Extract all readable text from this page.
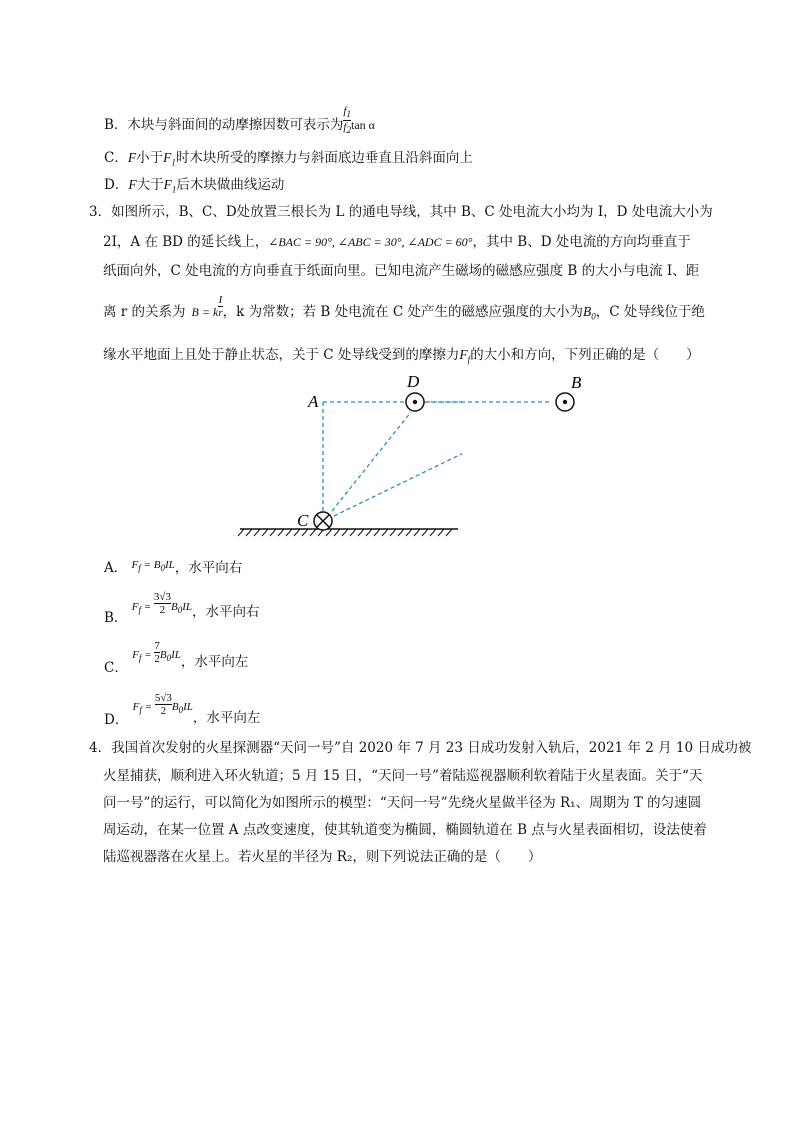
B．木块与斜面间的动摩擦因数可表示为 $\frac{f_1}{f_2}$ tan α
C．F小于$F_1$时木块所受的摩擦力与斜面底边垂直且沿斜面向上
D．F大于$F_1$后木块做曲线运动
3．如图所示，B、C、D处放置三根长为 L 的通电导线，其中 B、C 处电流大小均为 I，D 处电流大小为
2I，A 在 BD 的延长线上，∠BAC = 90°, ∠ABC = 30°, ∠ADC = 60°，其中 B、D 处电流的方向均垂直于
纸面向外，C 处电流的方向垂直于纸面向里。已知电流产生磁场的磁感应强度 B 的大小与电流 I、距
离 r 的关系为 B = k $\frac{I}{r}$ ，k 为常数；若 B 处电流在 C 处产生的磁感应强度的大小为$B_0$，C 处导线位于绝
缘水平地面上且处于静止状态，关于 C 处导线受到的摩擦力$F_f$的大小和方向，下列正确的是（　　）
A
D
C
B
A． $^{F_f = B_0IL}$，水平向右
B． $F_f = \frac{3√3}{2} B_0IL$，水平向右
C． $F_f = \frac{7}{2} B_0IL$，水平向左
D． $F_f = \frac{5√3}{2} B_0IL$，水平向左
4．我国首次发射的火星探测器“天问一号”自 2020 年 7 月 23 日成功发射入轨后，2021 年 2 月 10 日成功被
火星捕获，顺利进入环火轨道；5 月 15 日，“天问一号”着陆巡视器顺利软着陆于火星表面。关于“天
问一号”的运行，可以简化为如图所示的模型：“天问一号”先绕火星做半径为 R₁、周期为 T 的匀速圆
周运动，在某一位置 A 点改变速度，使其轨道变为椭圆，椭圆轨道在 B 点与火星表面相切，设法使着
陆巡视器落在火星上。若火星的半径为 R₂，则下列说法正确的是（　　）
